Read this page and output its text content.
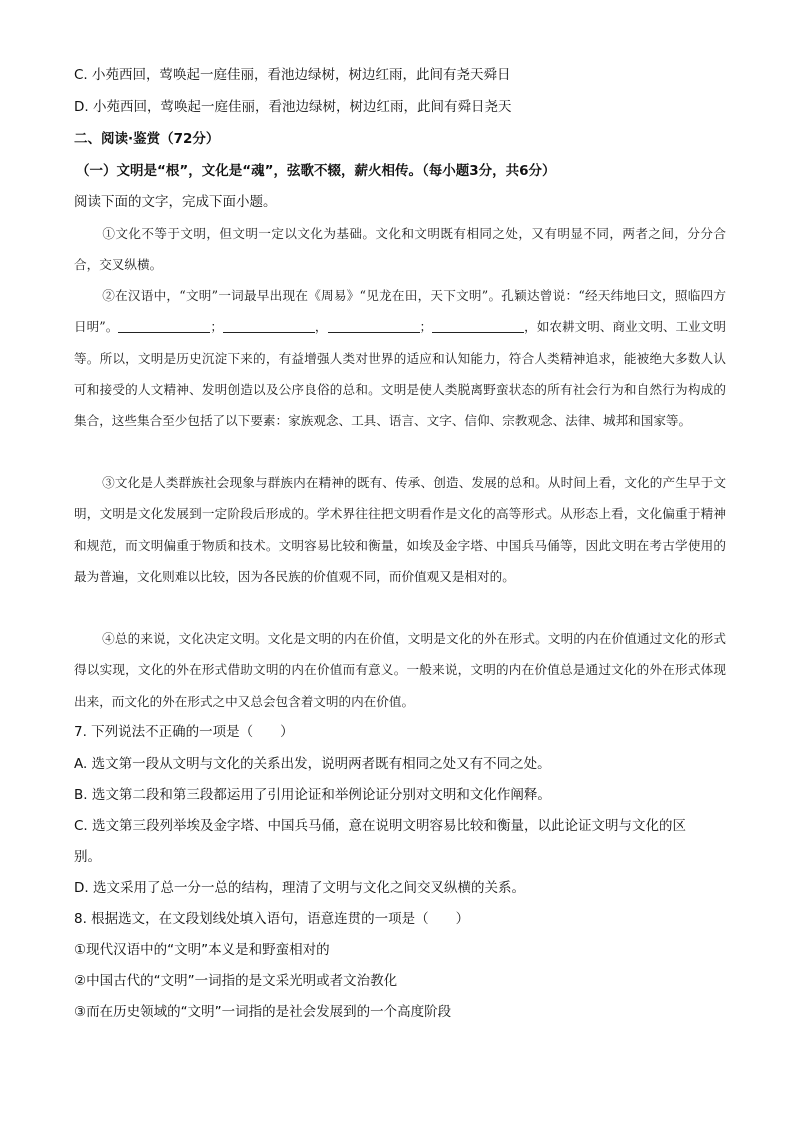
C. 小苑西回，莺唤起一庭佳丽，看池边绿树，树边红雨，此间有尧天舜日
D. 小苑西回，莺唤起一庭佳丽，看池边绿树，树边红雨，此间有舜日尧天
二、阅读·鉴赏（72分）
（一）文明是“根”，文化是“魂”，弦歌不辍，薪火相传。（每小题3分，共6分）
阅读下面的文字，完成下面小题。
①文化不等于文明，但文明一定以文化为基础。文化和文明既有相同之处，又有明显不同，两者之间，分分合合，交叉纵横。
②在汉语中，“文明”一词最早出现在《周易》“见龙在田，天下文明”。孔颖达曾说：“经天纬地曰文，照临四方日明”。	；	，	；	，如农耕文明、商业文明、工业文明等。所以，文明是历史沉淀下来的，有益增强人类对世界的适应和认知能力，符合人类精神追求，能被绝大多数人认可和接受的人文精神、发明创造以及公序良俗的总和。文明是使人类脱离野蛮状态的所有社会行为和自然行为构成的集合，这些集合至少包括了以下要素：家族观念、工具、语言、文字、信仰、宗教观念、法律、城邦和国家等。
③文化是人类群族社会现象与群族内在精神的既有、传承、创造、发展的总和。从时间上看，文化的产生早于文明，文明是文化发展到一定阶段后形成的。学术界往往把文明看作是文化的高等形式。从形态上看，文化偏重于精神和规范，而文明偏重于物质和技术。文明容易比较和衡量，如埃及金字塔、中国兵马俑等，因此文明在考古学使用的最为普遍，文化则难以比较，因为各民族的价值观不同，而价值观又是相对的。
④总的来说，文化决定文明。文化是文明的内在价值，文明是文化的外在形式。文明的内在价值通过文化的形式得以实现，文化的外在形式借助文明的内在价值而有意义。一般来说，文明的内在价值总是通过文化的外在形式体现出来，而文化的外在形式之中又总会包含着文明的内在价值。
7. 下列说法不正确的一项是（　　）
A. 选文第一段从文明与文化的关系出发，说明两者既有相同之处又有不同之处。
B. 选文第二段和第三段都运用了引用论证和举例论证分别对文明和文化作阐释。
C. 选文第三段列举埃及金字塔、中国兵马俑，意在说明文明容易比较和衡量，以此论证文明与文化的区
别。
D. 选文采用了总一分一总的结构，理清了文明与文化之间交叉纵横的关系。
8. 根据选文，在文段划线处填入语句，语意连贯的一项是（　　）
①现代汉语中的“文明”本义是和野蛮相对的
②中国古代的“文明”一词指的是文采光明或者文治教化
③而在历史领域的“文明”一词指的是社会发展到的一个高度阶段
